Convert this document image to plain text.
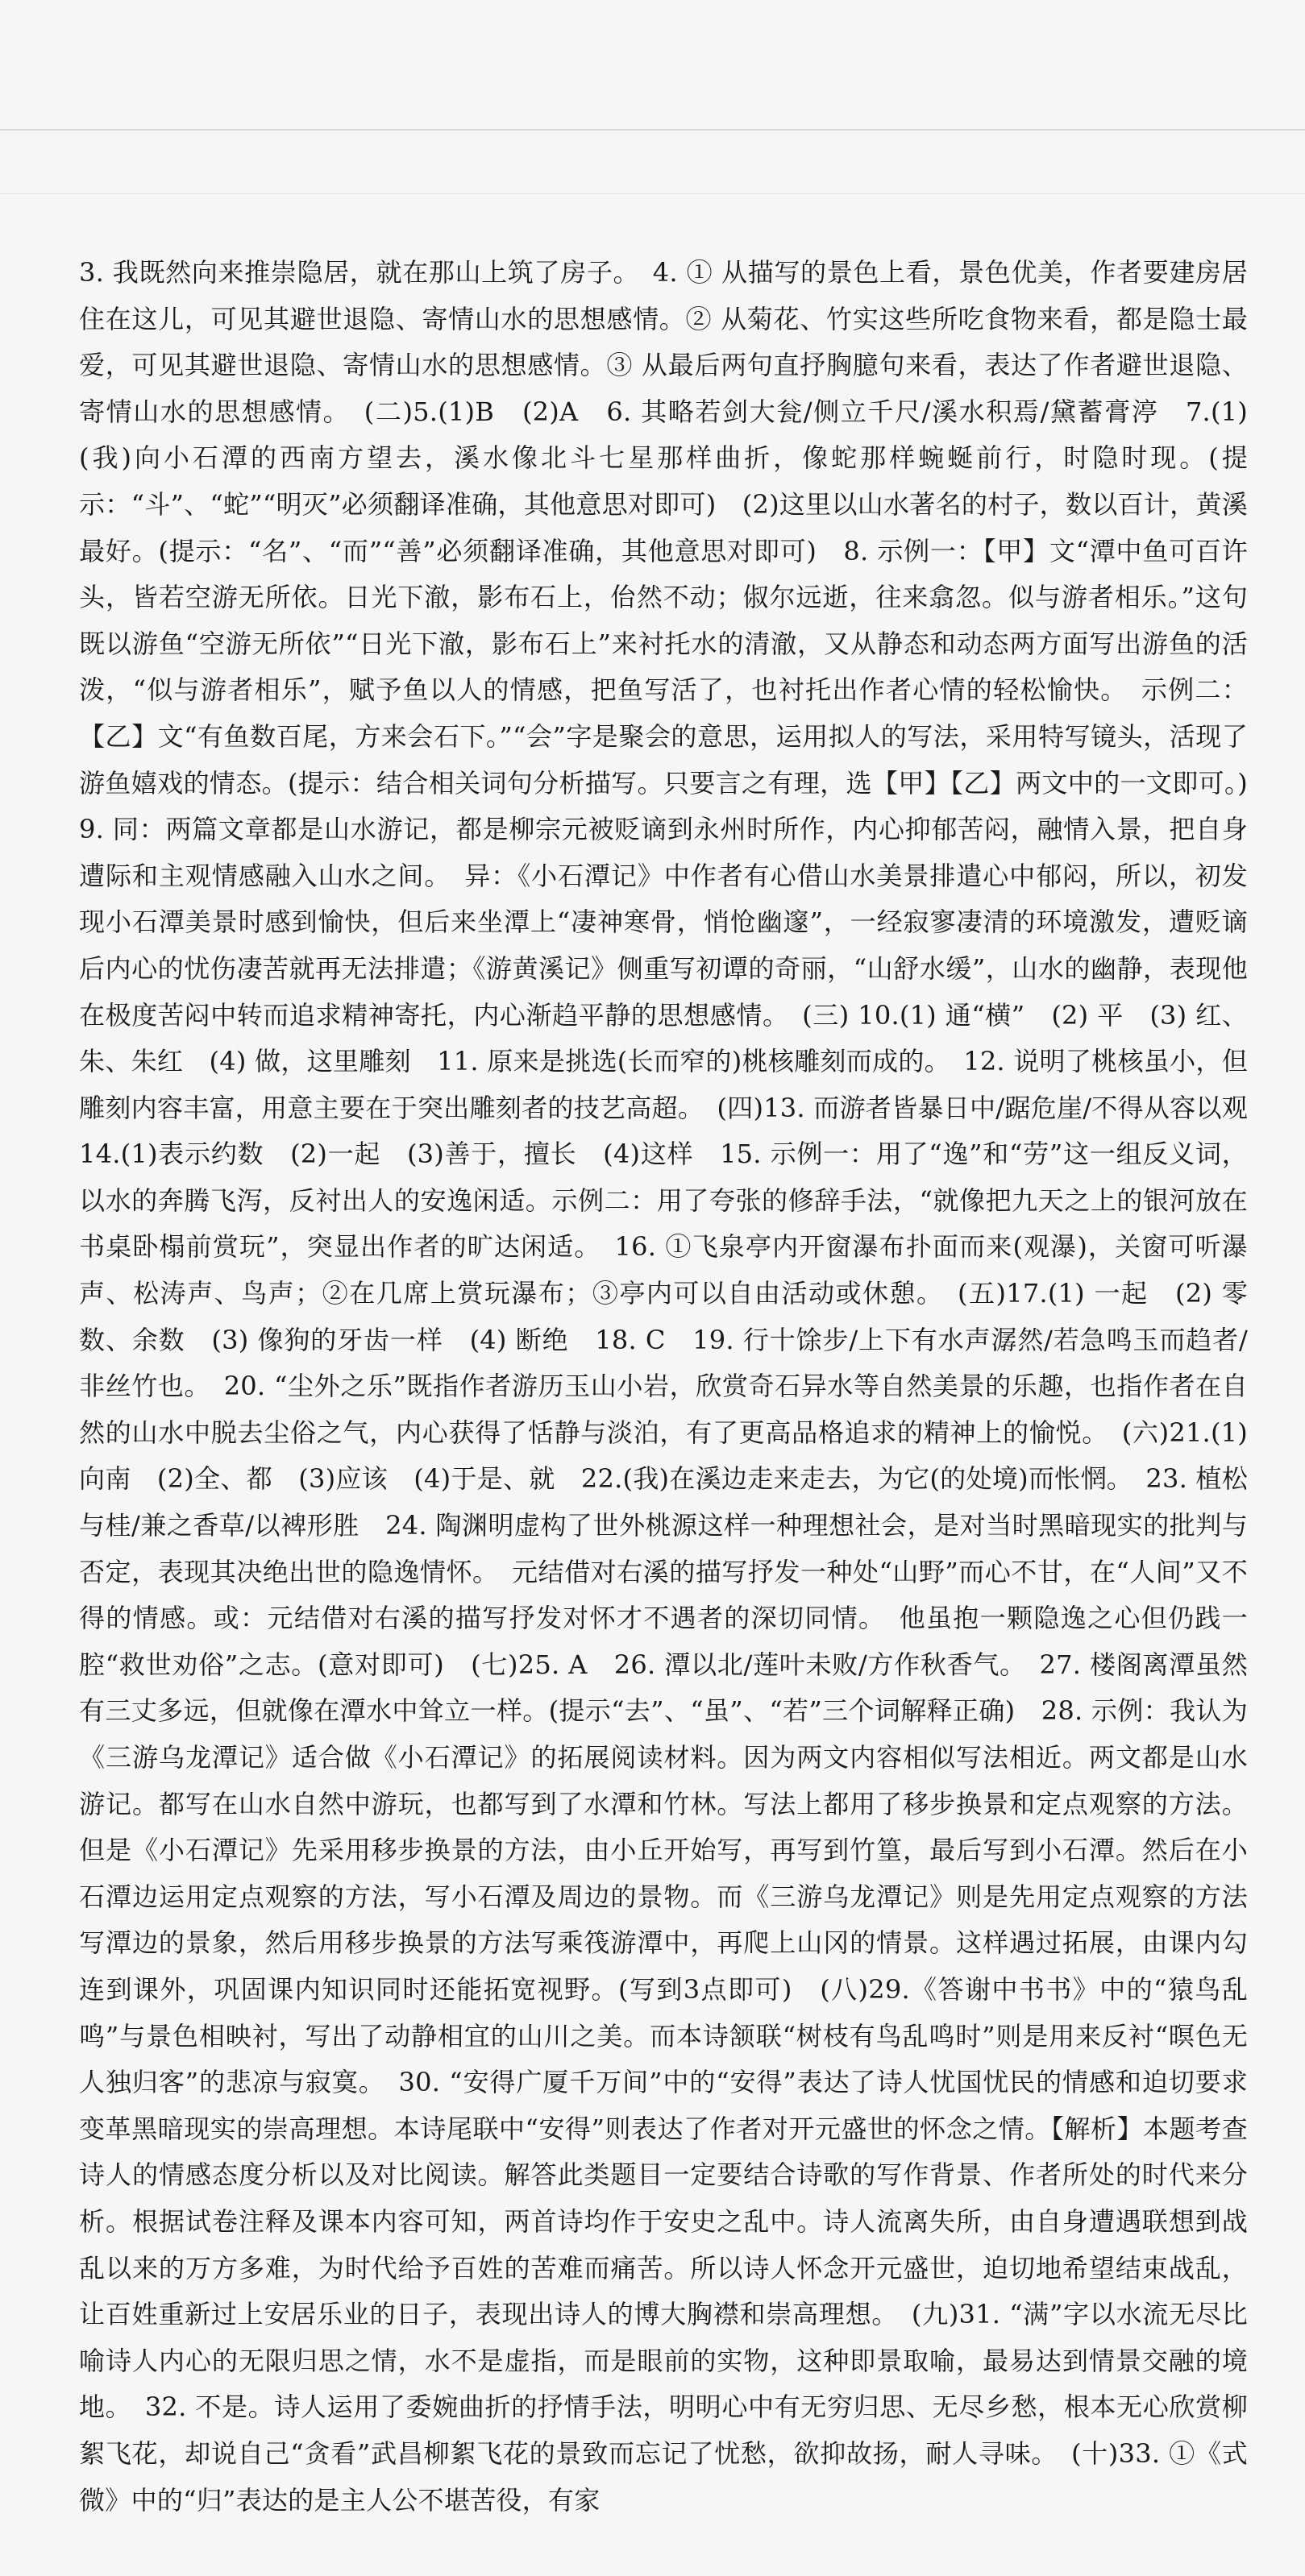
3. 我既然向来推崇隐居，就在那山上筑了房子。　4. ① 从描写的景色上看，景色优美，作者要建房居住在这儿，可见其避世退隐、寄情山水的思想感情。② 从菊花、竹实这些所吃食物来看，都是隐士最爱，可见其避世退隐、寄情山水的思想感情。③ 从最后两句直抒胸臆句来看，表达了作者避世退隐、寄情山水的思想感情。　(二)5.(1)B　(2)A　6. 其略若剑大瓮/侧立千尺/溪水积焉/黛蓄膏渟　7.(1)(我)向小石潭的西南方望去，溪水像北斗七星那样曲折，像蛇那样蜿蜒前行，时隐时现。(提示：“斗”、“蛇”“明灭”必须翻译准确，其他意思对即可)　(2)这里以山水著名的村子，数以百计，黄溪最好。(提示：“名”、“而”“善”必须翻译准确，其他意思对即可)　8. 示例一：【甲】文“潭中鱼可百许头，皆若空游无所依。日光下澈，影布石上，佁然不动；俶尔远逝，往来翕忽。似与游者相乐。”这句既以游鱼“空游无所依”“日光下澈，影布石上”来衬托水的清澈，又从静态和动态两方面写出游鱼的活泼，“似与游者相乐”，赋予鱼以人的情感，把鱼写活了，也衬托出作者心情的轻松愉快。　示例二：【乙】文“有鱼数百尾，方来会石下。”“会”字是聚会的意思，运用拟人的写法，采用特写镜头，活现了游鱼嬉戏的情态。(提示：结合相关词句分析描写。只要言之有理，选【甲】【乙】两文中的一文即可。)　9. 同：两篇文章都是山水游记，都是柳宗元被贬谪到永州时所作，内心抑郁苦闷，融情入景，把自身遭际和主观情感融入山水之间。　异：《小石潭记》中作者有心借山水美景排遣心中郁闷，所以，初发现小石潭美景时感到愉快，但后来坐潭上“凄神寒骨，悄怆幽邃”，一经寂寥凄清的环境激发，遭贬谪后内心的忧伤凄苦就再无法排遣；《游黄溪记》侧重写初谭的奇丽，“山舒水缓”，山水的幽静，表现他在极度苦闷中转而追求精神寄托，内心渐趋平静的思想感情。　(三) 10.(1) 通“横”　(2) 平　(3) 红、朱、朱红　(4) 做，这里雕刻　11. 原来是挑选(长而窄的)桃核雕刻而成的。　12. 说明了桃核虽小，但雕刻内容丰富，用意主要在于突出雕刻者的技艺高超。　(四)13. 而游者皆暴日中/踞危崖/不得从容以观　14.(1)表示约数　(2)一起　(3)善于，擅长　(4)这样　15. 示例一：用了“逸”和“劳”这一组反义词，以水的奔腾飞泻，反衬出人的安逸闲适。示例二：用了夸张的修辞手法，“就像把九天之上的银河放在书桌卧榻前赏玩”，突显出作者的旷达闲适。　16. ①飞泉亭内开窗瀑布扑面而来(观瀑)，关窗可听瀑声、松涛声、鸟声；②在几席上赏玩瀑布；③亭内可以自由活动或休憩。　(五)17.(1) 一起　(2) 零数、余数　(3) 像狗的牙齿一样　(4) 断绝　18. C　19. 行十馀步/上下有水声潺然/若急鸣玉而趋者/非丝竹也。　20. “尘外之乐”既指作者游历玉山小岩，欣赏奇石异水等自然美景的乐趣，也指作者在自然的山水中脱去尘俗之气，内心获得了恬静与淡泊，有了更高品格追求的精神上的愉悦。　(六)21.(1)向南　(2)全、都　(3)应该　(4)于是、就　22.(我)在溪边走来走去，为它(的处境)而怅惘。　23. 植松与桂/兼之香草/以裨形胜　24. 陶渊明虚构了世外桃源这样一种理想社会，是对当时黑暗现实的批判与否定，表现其决绝出世的隐逸情怀。　元结借对右溪的描写抒发一种处“山野”而心不甘，在“人间”又不得的情感。或：元结借对右溪的描写抒发对怀才不遇者的深切同情。　他虽抱一颗隐逸之心但仍践一腔“救世劝俗”之志。(意对即可)　(七)25. A　26. 潭以北/莲叶未败/方作秋香气。　27. 楼阁离潭虽然有三丈多远，但就像在潭水中耸立一样。(提示“去”、“虽”、“若”三个词解释正确)　28. 示例：我认为《三游乌龙潭记》适合做《小石潭记》的拓展阅读材料。因为两文内容相似写法相近。两文都是山水游记。都写在山水自然中游玩，也都写到了水潭和竹林。写法上都用了移步换景和定点观察的方法。但是《小石潭记》先采用移步换景的方法，由小丘开始写，再写到竹篁，最后写到小石潭。然后在小石潭边运用定点观察的方法，写小石潭及周边的景物。而《三游乌龙潭记》则是先用定点观察的方法写潭边的景象，然后用移步换景的方法写乘筏游潭中，再爬上山冈的情景。这样遇过拓展，由课内勾连到课外，巩固课内知识同时还能拓宽视野。(写到3点即可)　(八)29.《答谢中书书》中的“猿鸟乱鸣”与景色相映衬，写出了动静相宜的山川之美。而本诗颔联“树枝有鸟乱鸣时”则是用来反衬“暝色无人独归客”的悲凉与寂寞。　30. “安得广厦千万间”中的“安得”表达了诗人忧国忧民的情感和迫切要求变革黑暗现实的崇高理想。本诗尾联中“安得”则表达了作者对开元盛世的怀念之情。【解析】本题考查诗人的情感态度分析以及对比阅读。解答此类题目一定要结合诗歌的写作背景、作者所处的时代来分析。根据试卷注释及课本内容可知，两首诗均作于安史之乱中。诗人流离失所，由自身遭遇联想到战乱以来的万方多难，为时代给予百姓的苦难而痛苦。所以诗人怀念开元盛世，迫切地希望结束战乱，让百姓重新过上安居乐业的日子，表现出诗人的博大胸襟和崇高理想。　(九)31. “满”字以水流无尽比喻诗人内心的无限归思之情，水不是虚指，而是眼前的实物，这种即景取喻，最易达到情景交融的境地。　32. 不是。诗人运用了委婉曲折的抒情手法，明明心中有无穷归思、无尽乡愁，根本无心欣赏柳絮飞花，却说自己“贪看”武昌柳絮飞花的景致而忘记了忧愁，欲抑故扬，耐人寻味。　(十)33. ①《式微》中的“归”表达的是主人公不堪苦役，有家
